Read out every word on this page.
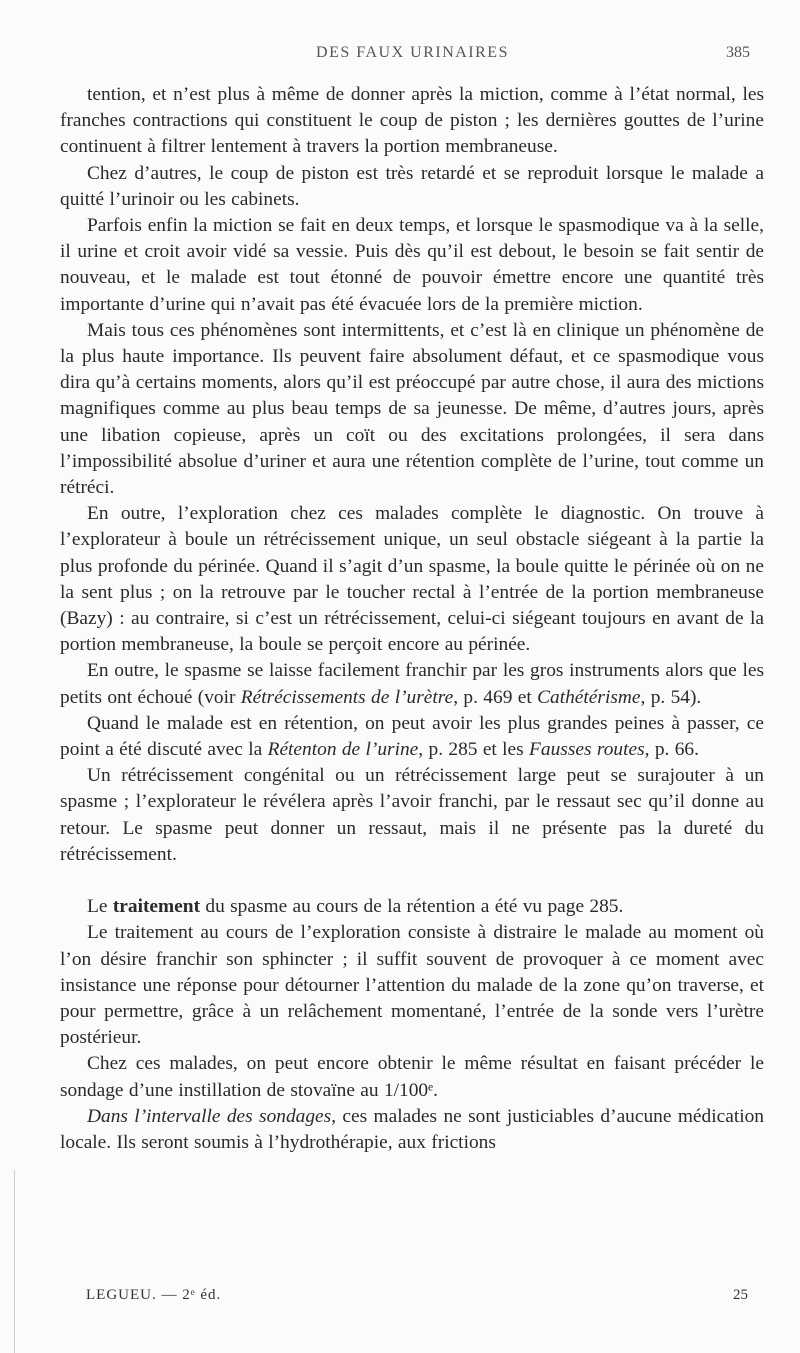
DES FAUX URINAIRES	385

tention, et n’est plus à même de donner après la miction, comme à l’état normal, les franches contractions qui constituent le coup de piston ; les dernières gouttes de l’urine continuent à filtrer lentement à travers la portion membraneuse.

Chez d’autres, le coup de piston est très retardé et se reproduit lorsque le malade a quitté l’urinoir ou les cabinets.

Parfois enfin la miction se fait en deux temps, et lorsque le spasmodique va à la selle, il urine et croit avoir vidé sa vessie. Puis dès qu’il est debout, le besoin se fait sentir de nouveau, et le malade est tout étonné de pouvoir émettre encore une quantité très importante d’urine qui n’avait pas été évacuée lors de la première miction.

Mais tous ces phénomènes sont intermittents, et c’est là en clinique un phénomène de la plus haute importance. Ils peuvent faire absolument défaut, et ce spasmodique vous dira qu’à certains moments, alors qu’il est préoccupé par autre chose, il aura des mictions magnifiques comme au plus beau temps de sa jeunesse. De même, d’autres jours, après une libation copieuse, après un coït ou des excitations prolongées, il sera dans l’impossibilité absolue d’uriner et aura une rétention complète de l’urine, tout comme un rétréci.

En outre, l’exploration chez ces malades complète le diagnostic. On trouve à l’explorateur à boule un rétrécissement unique, un seul obstacle siégeant à la partie la plus profonde du périnée. Quand il s’agit d’un spasme, la boule quitte le périnée où on ne la sent plus ; on la retrouve par le toucher rectal à l’entrée de la portion membraneuse (Bazy) : au contraire, si c’est un rétrécissement, celui-ci siégeant toujours en avant de la portion membraneuse, la boule se perçoit encore au périnée.

En outre, le spasme se laisse facilement franchir par les gros instruments alors que les petits ont échoué (voir Rétrécissements de l’urètre, p. 469 et Cathétérisme, p. 54).

Quand le malade est en rétention, on peut avoir les plus grandes peines à passer, ce point a été discuté avec la Rétenton de l’urine, p. 285 et les Fausses routes, p. 66.

Un rétrécissement congénital ou un rétrécissement large peut se surajouter à un spasme ; l’explorateur le révélera après l’avoir franchi, par le ressaut sec qu’il donne au retour. Le spasme peut donner un ressaut, mais il ne présente pas la dureté du rétrécissement.

Le traitement du spasme au cours de la rétention a été vu page 285.

Le traitement au cours de l’exploration consiste à distraire le malade au moment où l’on désire franchir son sphincter ; il suffit souvent de provoquer à ce moment avec insistance une réponse pour détourner l’attention du malade de la zone qu’on traverse, et pour permettre, grâce à un relâchement momentané, l’entrée de la sonde vers l’urètre postérieur.

Chez ces malades, on peut encore obtenir le même résultat en faisant précéder le sondage d’une instillation de stovaïne au 1/100ᵉ.

Dans l’intervalle des sondages, ces malades ne sont justiciables d’aucune médication locale. Ils seront soumis à l’hydrothérapie, aux frictions

LEGUEU. — 2ᵉ éd.	25
